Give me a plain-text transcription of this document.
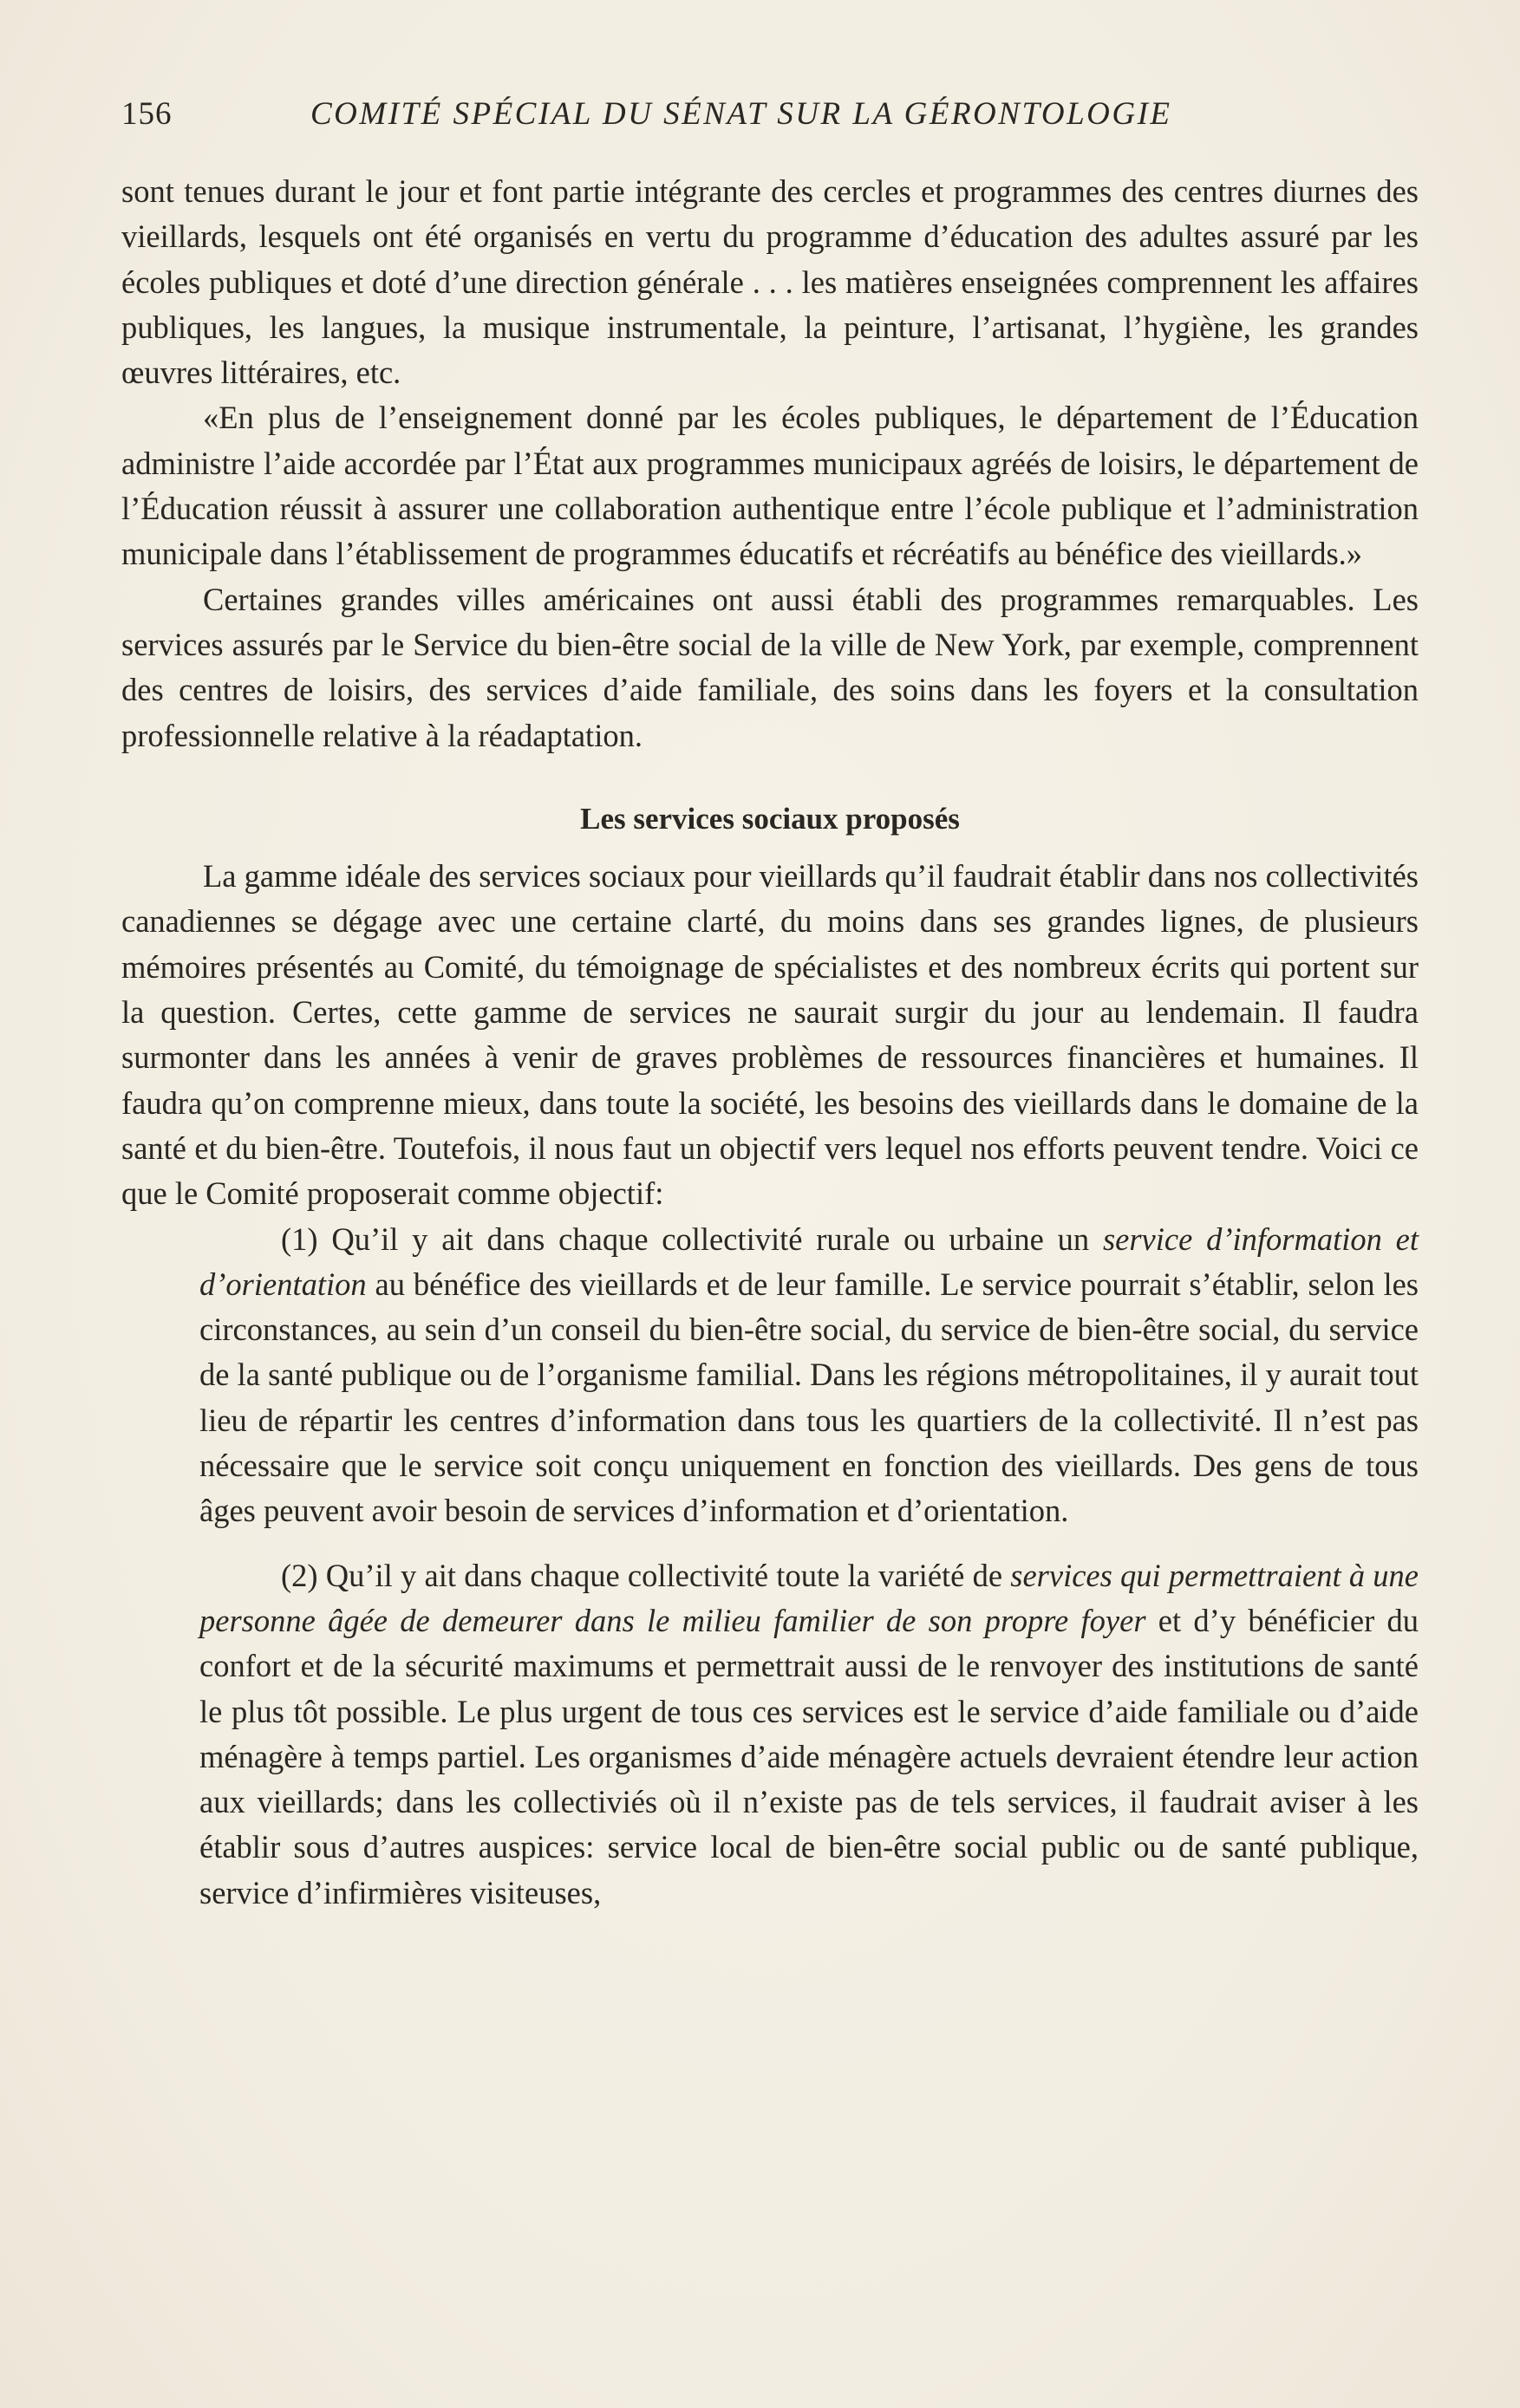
156	COMITÉ SPÉCIAL DU SÉNAT SUR LA GÉRONTOLOGIE

sont tenues durant le jour et font partie intégrante des cercles et programmes des centres diurnes des vieillards, lesquels ont été organisés en vertu du programme d’éducation des adultes assuré par les écoles publiques et doté d’une direction générale . . . les matières enseignées comprennent les affaires publiques, les langues, la musique instrumentale, la peinture, l’artisanat, l’hygiène, les grandes œuvres littéraires, etc.

«En plus de l’enseignement donné par les écoles publiques, le département de l’Éducation administre l’aide accordée par l’État aux programmes municipaux agréés de loisirs, le département de l’Éducation réussit à assurer une collaboration authentique entre l’école publique et l’administration municipale dans l’établissement de programmes éducatifs et récréatifs au bénéfice des vieillards.»

Certaines grandes villes américaines ont aussi établi des programmes remarquables. Les services assurés par le Service du bien-être social de la ville de New York, par exemple, comprennent des centres de loisirs, des services d’aide familiale, des soins dans les foyers et la consultation professionnelle relative à la réadaptation.

Les services sociaux proposés

La gamme idéale des services sociaux pour vieillards qu’il faudrait établir dans nos collectivités canadiennes se dégage avec une certaine clarté, du moins dans ses grandes lignes, de plusieurs mémoires présentés au Comité, du témoignage de spécialistes et des nombreux écrits qui portent sur la question. Certes, cette gamme de services ne saurait surgir du jour au lendemain. Il faudra surmonter dans les années à venir de graves problèmes de ressources financières et humaines. Il faudra qu’on comprenne mieux, dans toute la société, les besoins des vieillards dans le domaine de la santé et du bien-être. Toutefois, il nous faut un objectif vers lequel nos efforts peuvent tendre. Voici ce que le Comité proposerait comme objectif:

(1) Qu’il y ait dans chaque collectivité rurale ou urbaine un service d’information et d’orientation au bénéfice des vieillards et de leur famille. Le service pourrait s’établir, selon les circonstances, au sein d’un conseil du bien-être social, du service de bien-être social, du service de la santé publique ou de l’organisme familial. Dans les régions métropolitaines, il y aurait tout lieu de répartir les centres d’information dans tous les quartiers de la collectivité. Il n’est pas nécessaire que le service soit conçu uniquement en fonction des vieillards. Des gens de tous âges peuvent avoir besoin de services d’information et d’orientation.

(2) Qu’il y ait dans chaque collectivité toute la variété de services qui permettraient à une personne âgée de demeurer dans le milieu familier de son propre foyer et d’y bénéficier du confort et de la sécurité maximums et permettrait aussi de le renvoyer des institutions de santé le plus tôt possible. Le plus urgent de tous ces services est le service d’aide familiale ou d’aide ménagère à temps partiel. Les organismes d’aide ménagère actuels devraient étendre leur action aux vieillards; dans les collectiviés où il n’existe pas de tels services, il faudrait aviser à les établir sous d’autres auspices: service local de bien-être social public ou de santé publique, service d’infirmières visiteuses,
